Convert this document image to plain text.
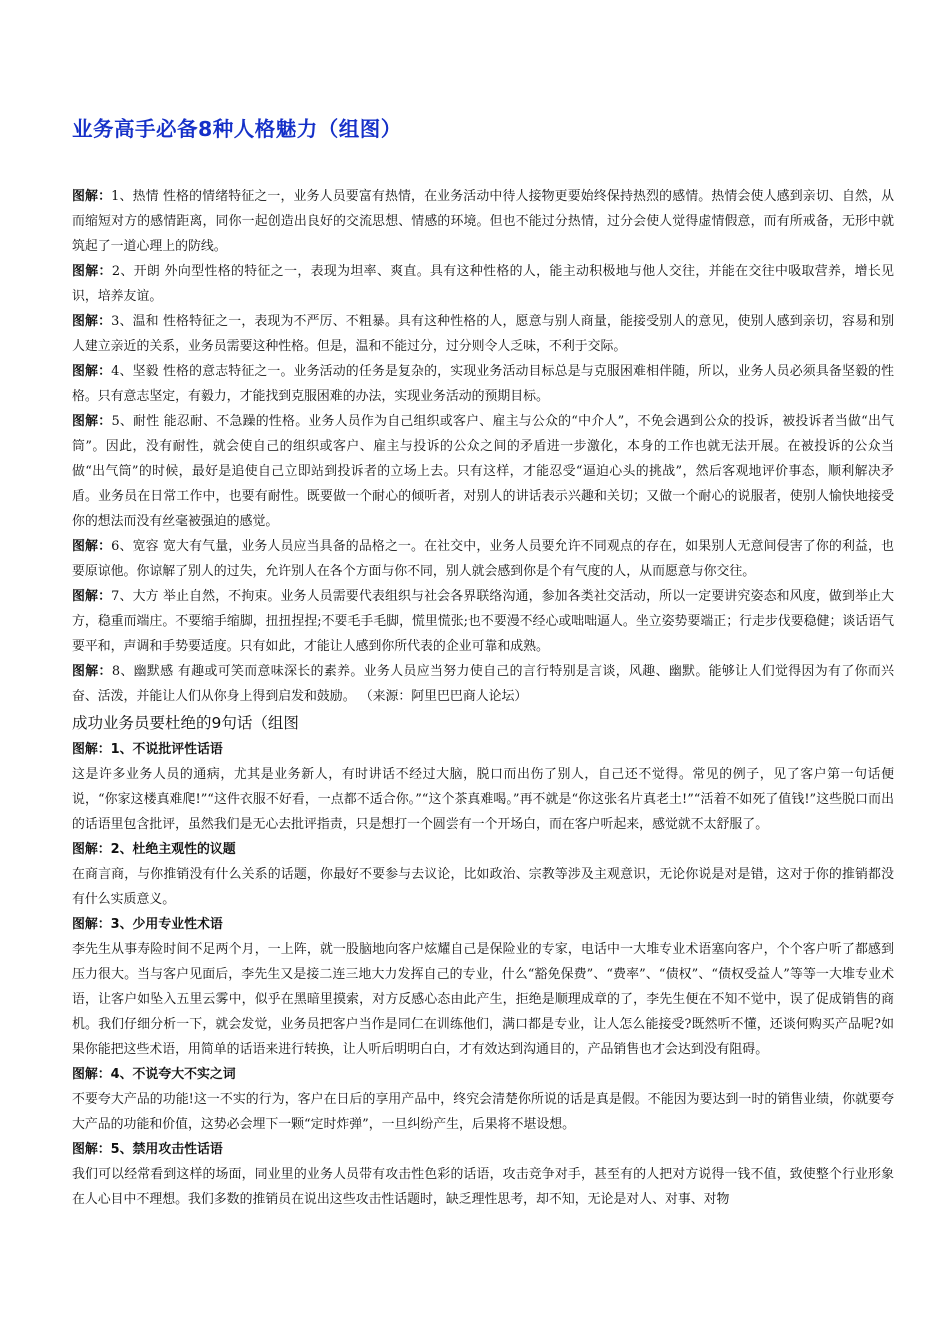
业务高手必备8种人格魅力（组图）

图解：1、热情 性格的情绪特征之一，业务人员要富有热情，在业务活动中待人接物更要始终保持热烈的感情。热情会使人感到亲切、自然，从而缩短对方的感情距离，同你一起创造出良好的交流思想、情感的环境。但也不能过分热情，过分会使人觉得虚情假意，而有所戒备，无形中就筑起了一道心理上的防线。

图解：2、开朗 外向型性格的特征之一，表现为坦率、爽直。具有这种性格的人，能主动积极地与他人交往，并能在交往中吸取营养，增长见识，培养友谊。

图解：3、温和 性格特征之一，表现为不严厉、不粗暴。具有这种性格的人，愿意与别人商量，能接受别人的意见，使别人感到亲切，容易和别人建立亲近的关系，业务员需要这种性格。但是，温和不能过分，过分则令人乏味，不利于交际。

图解：4、坚毅 性格的意志特征之一。业务活动的任务是复杂的，实现业务活动目标总是与克服困难相伴随，所以，业务人员必须具备坚毅的性格。只有意志坚定，有毅力，才能找到克服困难的办法，实现业务活动的预期目标。

图解：5、耐性 能忍耐、不急躁的性格。业务人员作为自己组织或客户、雇主与公众的“中介人”，不免会遇到公众的投诉，被投诉者当做“出气筒”。因此，没有耐性，就会使自己的组织或客户、雇主与投诉的公众之间的矛盾进一步激化，本身的工作也就无法开展。在被投诉的公众当做“出气筒”的时候，最好是追使自己立即站到投诉者的立场上去。只有这样，才能忍受“逼迫心头的挑战”，然后客观地评价事态，顺利解决矛盾。业务员在日常工作中，也要有耐性。既要做一个耐心的倾听者，对别人的讲话表示兴趣和关切；又做一个耐心的说服者，使别人愉快地接受你的想法而没有丝毫被强迫的感觉。

图解：6、宽容 宽大有气量，业务人员应当具备的品格之一。在社交中，业务人员要允许不同观点的存在，如果别人无意间侵害了你的利益，也要原谅他。你谅解了别人的过失，允许别人在各个方面与你不同，别人就会感到你是个有气度的人，从而愿意与你交往。

图解：7、大方 举止自然，不拘束。业务人员需要代表组织与社会各界联络沟通，参加各类社交活动，所以一定要讲究姿态和风度，做到举止大方，稳重而端庄。不要缩手缩脚，扭扭捏捏;不要毛手毛脚，慌里慌张;也不要漫不经心或咄咄逼人。坐立姿势要端正；行走步伐要稳健；谈话语气要平和，声调和手势要适度。只有如此，才能让人感到你所代表的企业可靠和成熟。

图解：8、幽默感 有趣或可笑而意味深长的素养。业务人员应当努力使自己的言行特别是言谈，风趣、幽默。能够让人们觉得因为有了你而兴奋、活泼，并能让人们从你身上得到启发和鼓励。 （来源：阿里巴巴商人论坛）

成功业务员要杜绝的9句话（组图

图解：1、不说批评性话语

这是许多业务人员的通病，尤其是业务新人，有时讲话不经过大脑，脱口而出伤了别人，自己还不觉得。常见的例子，见了客户第一句话便说，“你家这楼真难爬!”“这件衣服不好看，一点都不适合你。”“这个茶真难喝。”再不就是“你这张名片真老土!”“活着不如死了值钱!”这些脱口而出的话语里包含批评，虽然我们是无心去批评指责，只是想打一个圆尝有一个开场白，而在客户听起来，感觉就不太舒服了。

图解：2、杜绝主观性的议题

在商言商，与你推销没有什么关系的话题，你最好不要参与去议论，比如政治、宗教等涉及主观意识，无论你说是对是错，这对于你的推销都没有什么实质意义。

图解：3、少用专业性术语

李先生从事寿险时间不足两个月，一上阵，就一股脑地向客户炫耀自己是保险业的专家，电话中一大堆专业术语塞向客户，个个客户听了都感到压力很大。当与客户见面后，李先生又是接二连三地大力发挥自己的专业，什么“豁免保费”、“费率”、“债权”、“债权受益人”等等一大堆专业术语，让客户如坠入五里云雾中，似乎在黑暗里摸索，对方反感心态由此产生，拒绝是顺理成章的了，李先生便在不知不觉中，误了促成销售的商机。我们仔细分析一下，就会发觉，业务员把客户当作是同仁在训练他们，满口都是专业，让人怎么能接受?既然听不懂，还谈何购买产品呢?如果你能把这些术语，用简单的话语来进行转换，让人听后明明白白，才有效达到沟通目的，产品销售也才会达到没有阻碍。

图解：4、不说夸大不实之词

不要夸大产品的功能!这一不实的行为，客户在日后的享用产品中，终究会清楚你所说的话是真是假。不能因为要达到一时的销售业绩，你就要夸大产品的功能和价值，这势必会埋下一颗“定时炸弹”，一旦纠纷产生，后果将不堪设想。

图解：5、禁用攻击性话语

我们可以经常看到这样的场面，同业里的业务人员带有攻击性色彩的话语，攻击竞争对手，甚至有的人把对方说得一钱不值，致使整个行业形象在人心目中不理想。我们多数的推销员在说出这些攻击性话题时，缺乏理性思考，却不知，无论是对人、对事、对物
